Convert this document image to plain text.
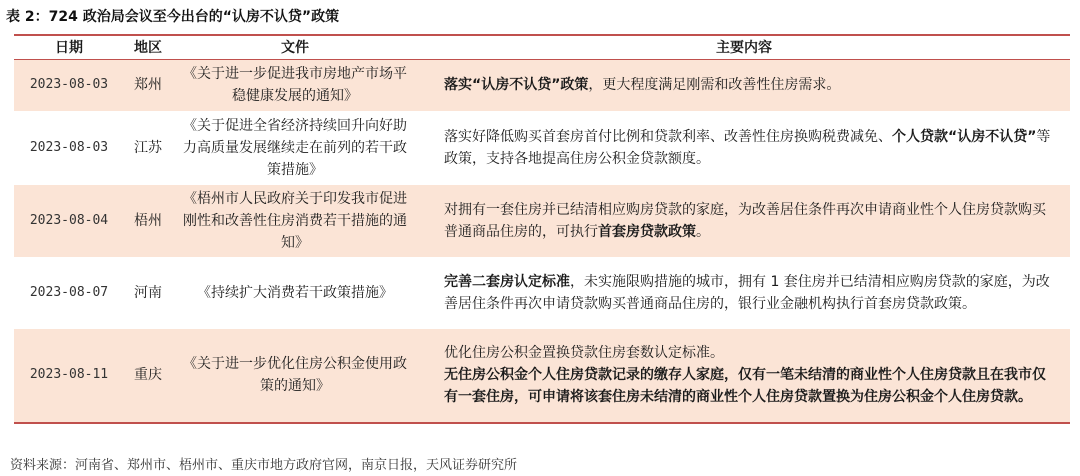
表 2：724 政治局会议至今出台的“认房不认贷”政策
日期	地区	文件	主要内容
2023-08-03	郑州	《关于进一步促进我市房地产市场平稳健康发展的通知》	落实“认房不认贷”政策，更大程度满足刚需和改善性住房需求。
2023-08-03	江苏	《关于促进全省经济持续回升向好助力高质量发展继续走在前列的若干政策措施》	落实好降低购买首套房首付比例和贷款利率、改善性住房换购税费减免、个人贷款“认房不认贷”等政策，支持各地提高住房公积金贷款额度。
2023-08-04	梧州	《梧州市人民政府关于印发我市促进刚性和改善性住房消费若干措施的通知》	对拥有一套住房并已结清相应购房贷款的家庭，为改善居住条件再次申请商业性个人住房贷款购买普通商品住房的，可执行首套房贷款政策。
2023-08-07	河南	《持续扩大消费若干政策措施》	完善二套房认定标准，未实施限购措施的城市，拥有 1 套住房并已结清相应购房贷款的家庭，为改善居住条件再次申请贷款购买普通商品住房的，银行业金融机构执行首套房贷款政策。
2023-08-11	重庆	《关于进一步优化住房公积金使用政策的通知》	优化住房公积金置换贷款住房套数认定标准。
无住房公积金个人住房贷款记录的缴存人家庭，仅有一笔未结清的商业性个人住房贷款且在我市仅有一套住房，可申请将该套住房未结清的商业性个人住房贷款置换为住房公积金个人住房贷款。
资料来源：河南省、郑州市、梧州市、重庆市地方政府官网，南京日报，天风证券研究所
